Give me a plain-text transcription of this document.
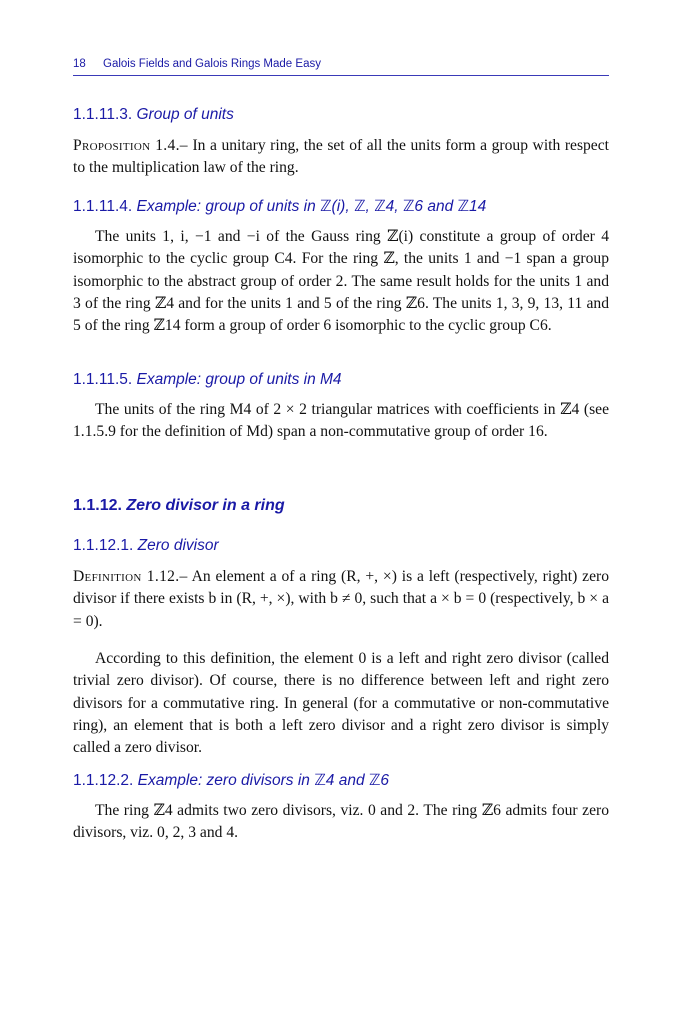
18 Galois Fields and Galois Rings Made Easy
1.1.11.3. Group of units

Proposition 1.4.– In a unitary ring, the set of all the units form a group with respect to the multiplication law of the ring.

1.1.11.4. Example: group of units in ℤ(i), ℤ, ℤ4, ℤ6 and ℤ14

The units 1, i, −1 and −i of the Gauss ring ℤ(i) constitute a group of order 4 isomorphic to the cyclic group C4. For the ring ℤ, the units 1 and −1 span a group isomorphic to the abstract group of order 2. The same result holds for the units 1 and 3 of the ring ℤ4 and for the units 1 and 5 of the ring ℤ6. The units 1, 3, 9, 13, 11 and 5 of the ring ℤ14 form a group of order 6 isomorphic to the cyclic group C6.

1.1.11.5. Example: group of units in M4

The units of the ring M4 of 2 × 2 triangular matrices with coefficients in ℤ4 (see 1.1.5.9 for the definition of Md) span a non-commutative group of order 16.

1.1.12. Zero divisor in a ring
1.1.12.1. Zero divisor

Definition 1.12.– An element a of a ring (R, +, ×) is a left (respectively, right) zero divisor if there exists b in (R, +, ×), with b ≠ 0, such that a × b = 0 (respectively, b × a = 0).

According to this definition, the element 0 is a left and right zero divisor (called trivial zero divisor). Of course, there is no difference between left and right zero divisors for a commutative ring. In general (for a commutative or non-commutative ring), an element that is both a left zero divisor and a right zero divisor is simply called a zero divisor.

1.1.12.2. Example: zero divisors in ℤ4 and ℤ6

The ring ℤ4 admits two zero divisors, viz. 0 and 2. The ring ℤ6 admits four zero divisors, viz. 0, 2, 3 and 4.
